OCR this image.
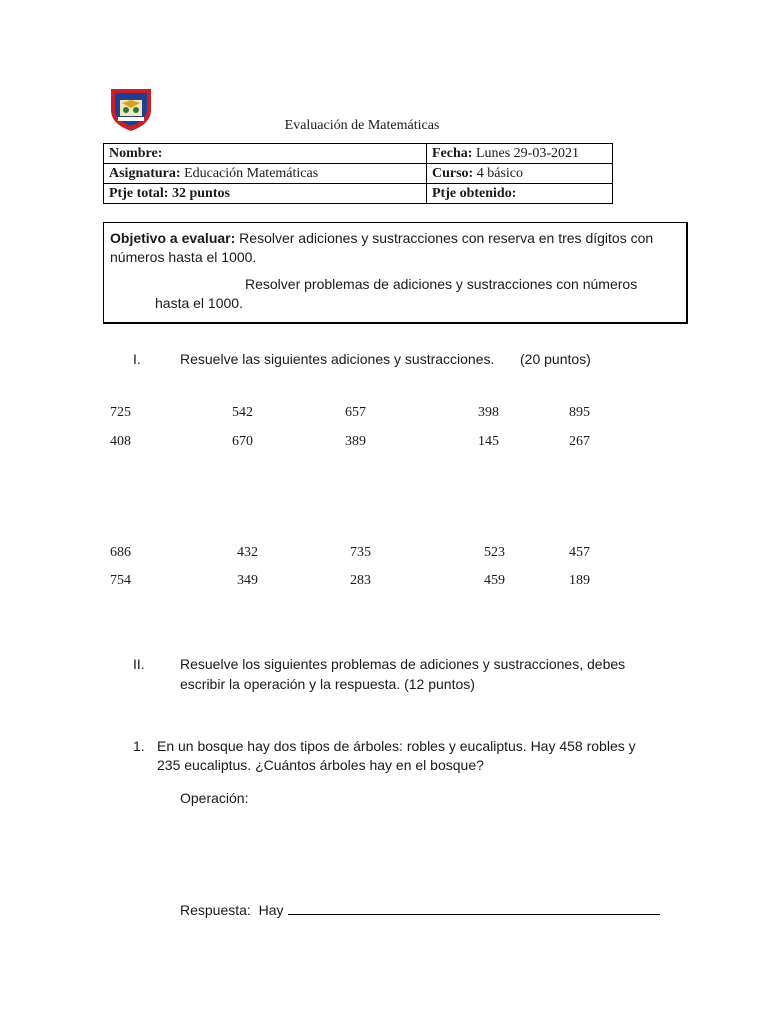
Evaluación de Matemáticas
Nombre:	Fecha: Lunes 29-03-2021
Asignatura: Educación Matemáticas	Curso: 4 básico
Ptje total: 32 puntos	Ptje obtenido:
Objetivo a evaluar: Resolver adiciones y sustracciones con reserva en tres dígitos con
números hasta el 1000.
Resolver problemas de adiciones y sustracciones con números
hasta el 1000.
I.	Resuelve las siguientes adiciones y sustracciones. (20 puntos)
725	542	657	398	895
408	670	389	145	267
686	432	735	523	457
754	349	283	459	189
II.	Resuelve los siguientes problemas de adiciones y sustracciones, debes
escribir la operación y la respuesta. (12 puntos)
1. En un bosque hay dos tipos de árboles: robles y eucaliptus. Hay 458 robles y
235 eucaliptus. ¿Cuántos árboles hay en el bosque?
Operación:
Respuesta: Hay
